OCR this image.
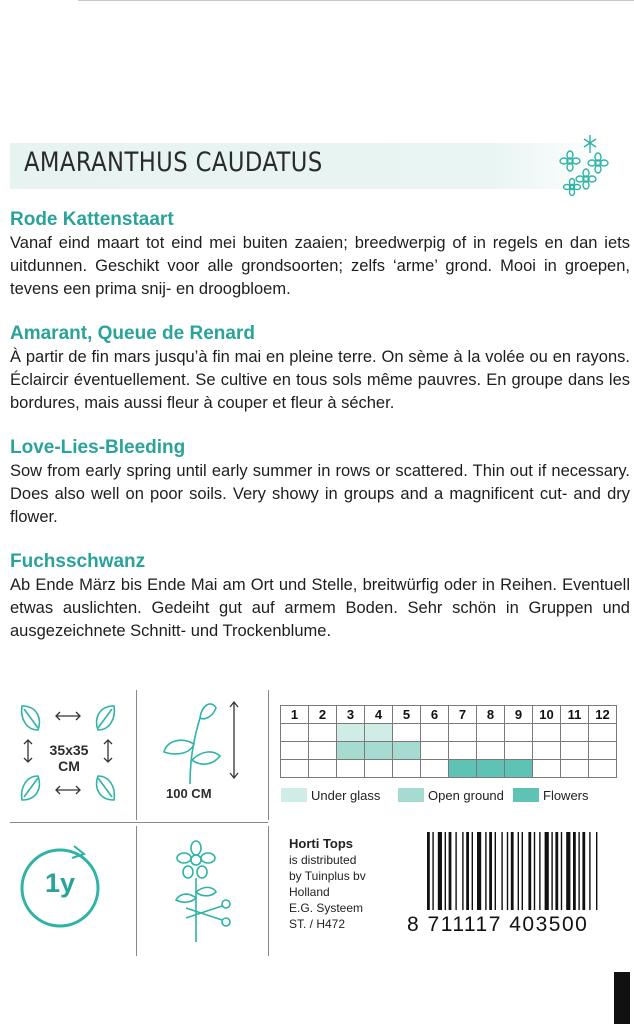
AMARANTHUS CAUDATUS
Rode Kattenstaart

Vanaf eind maart tot eind mei buiten zaaien; breedwerpig of in regels en dan iets uitdunnen. Geschikt voor alle grondsoorten; zelfs ‘arme’ grond. Mooi in groepen, tevens een prima snij- en droogbloem.

Amarant, Queue de Renard

À partir de fin mars jusqu’à fin mai en pleine terre. On sème à la volée ou en rayons. Éclaircir éventuellement. Se cultive en tous sols même pauvres. En groupe dans les bordures, mais aussi fleur à couper et fleur à sécher.

Love-Lies-Bleeding

Sow from early spring until early summer in rows or scattered. Thin out if necessary. Does also well on poor soils. Very showy in groups and a magnificent cut- and dry flower.

Fuchsschwanz

Ab Ende März bis Ende Mai am Ort und Stelle, breitwürfig oder in Reihen. Eventuell etwas auslichten. Gedeiht gut auf armem Boden. Sehr schön in Gruppen und ausgezeichnete Schnitt- und Trockenblume.

35x35
CM
100 CM
1y
1	2	3	4	5	6	7	8	9	10	11	12

Under glass	Open ground	Flowers
Horti Tops
is distributed
by Tuinplus bv
Holland
E.G. Systeem
ST. / H472	8 711117 403500
